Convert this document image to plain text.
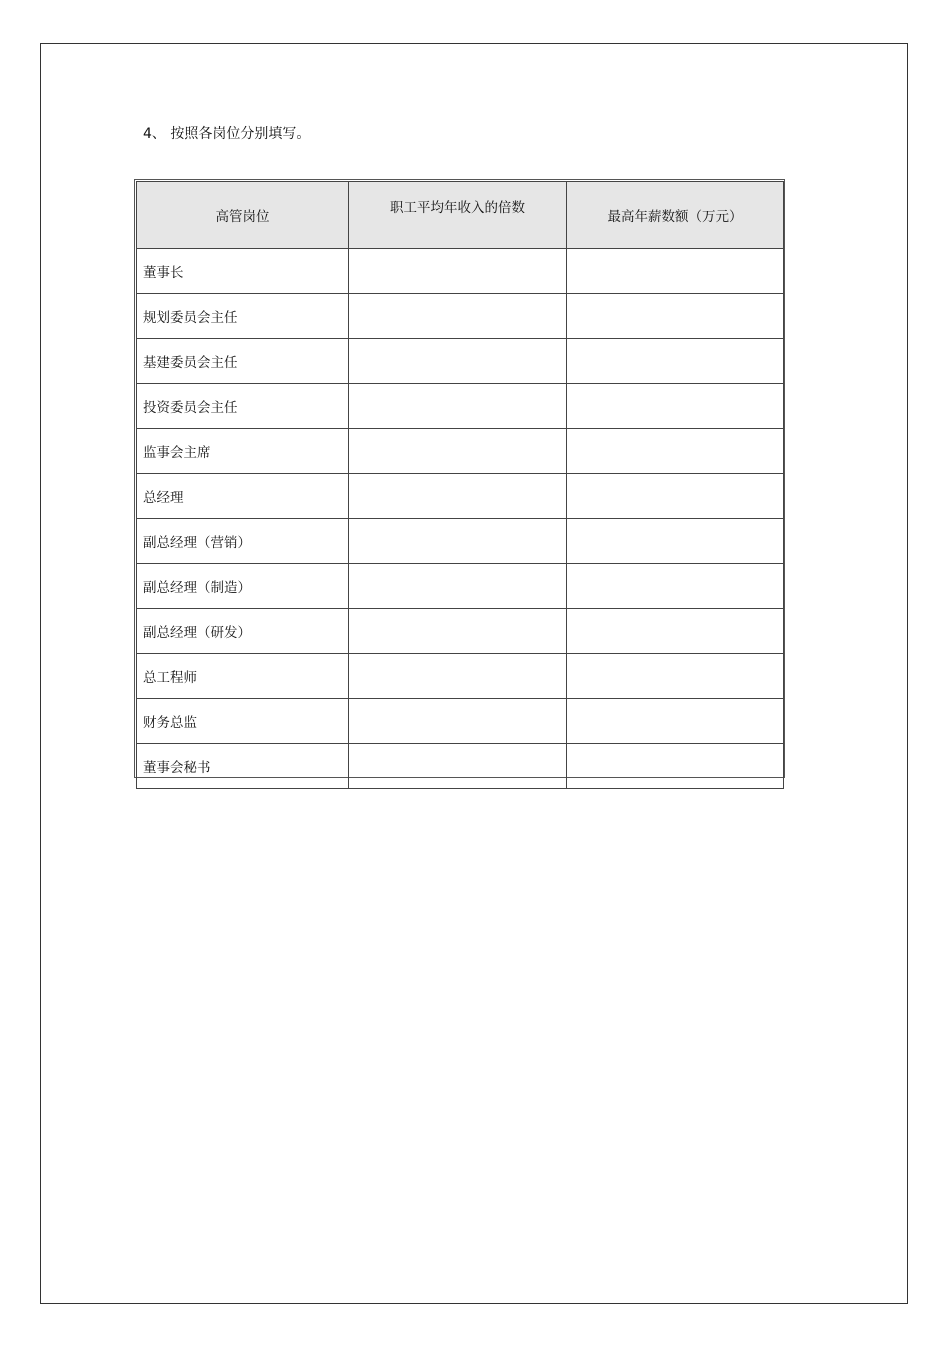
4、 按照各岗位分别填写。
高管岗位	职工平均年收入的倍数	最高年薪数额（万元）
董事长		
规划委员会主任		
基建委员会主任		
投资委员会主任		
监事会主席		
总经理		
副总经理（营销）		
副总经理（制造）		
副总经理（研发）		
总工程师		
财务总监		
董事会秘书		
